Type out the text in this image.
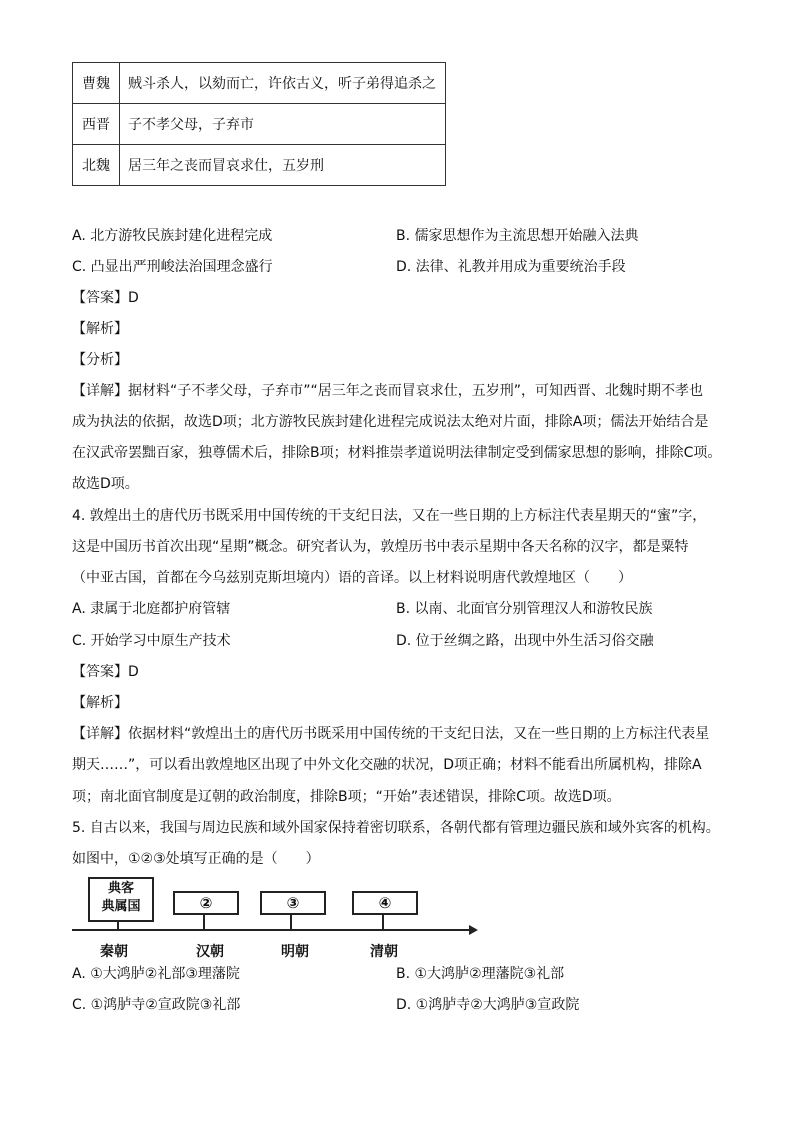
曹魏	贼斗杀人，以劾而亡，许依古义，听子弟得追杀之
西晋	子不孝父母，子弃市
北魏	居三年之丧而冒哀求仕，五岁刑
A. 北方游牧民族封建化进程完成	B. 儒家思想作为主流思想开始融入法典
C. 凸显出严刑峻法治国理念盛行	D. 法律、礼教并用成为重要统治手段
【答案】D
【解析】
【分析】
【详解】据材料“子不孝父母，子弃市”“居三年之丧而冒哀求仕，五岁刑”，可知西晋、北魏时期不孝也
成为执法的依据，故选D项；北方游牧民族封建化进程完成说法太绝对片面，排除A项；儒法开始结合是
在汉武帝罢黜百家，独尊儒术后，排除B项；材料推崇孝道说明法律制定受到儒家思想的影响，排除C项。
故选D项。
4. 敦煌出土的唐代历书既采用中国传统的干支纪日法，又在一些日期的上方标注代表星期天的“蜜”字，
这是中国历书首次出现“星期”概念。研究者认为，敦煌历书中表示星期中各天名称的汉字，都是粟特
（中亚古国，首都在今乌兹别克斯坦境内）语的音译。以上材料说明唐代敦煌地区（　　）
A. 隶属于北庭都护府管辖	B. 以南、北面官分别管理汉人和游牧民族
C. 开始学习中原生产技术	D. 位于丝绸之路，出现中外生活习俗交融
【答案】D
【解析】
【详解】依据材料“敦煌出土的唐代历书既采用中国传统的干支纪日法，又在一些日期的上方标注代表星
期天……”，可以看出敦煌地区出现了中外文化交融的状况，D项正确；材料不能看出所属机构，排除A
项；南北面官制度是辽朝的政治制度，排除B项；“开始”表述错误，排除C项。故选D项。
5. 自古以来，我国与周边民族和域外国家保持着密切联系，各朝代都有管理边疆民族和域外宾客的机构。
如图中，①②③处填写正确的是（　　）
典客
典属国	②	③	④
秦朝	汉朝	明朝	清朝
A. ①大鸿胪②礼部③理藩院	B. ①大鸿胪②理藩院③礼部
C. ①鸿胪寺②宣政院③礼部	D. ①鸿胪寺②大鸿胪③宣政院
